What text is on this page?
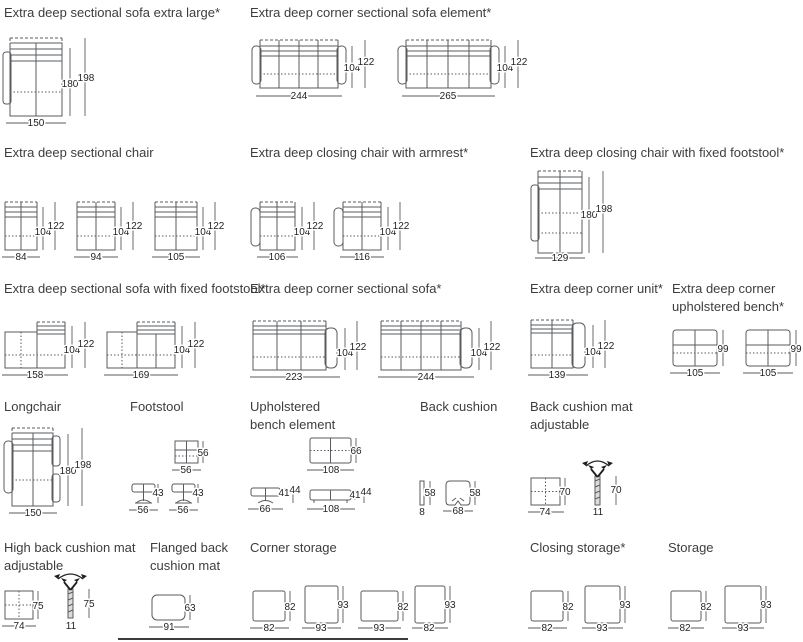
Extra deep sectional sofa extra large* Extra deep corner sectional sofa element*
Extra deep sectional chair	Extra deep closing chair with armrest*	Extra deep closing chair with fixed footstool*
Extra deep sectional sofa with fixed footstool*
Extra deep corner sectional sofa*	Extra deep corner unit* Extra deep corner
upholstered bench*
Longchair	Footstool	Upholstered
bench element
Back cushion	Back cushion mat
adjustable
High back cushion mat
adjustable
Flanged back
cushion mat
Corner storage	Closing storage*	Storage
180
198
150
104
122
244
104
122
265
104
122
84
104
122
94
104
122
105
104
122
106
104
122
116
180
198
129
104
122
158
104
122
169
104
122
223
104
122
244
104
122
139
99
105
99
105
180
198
150
56
56
43
56
43
56
66
108
41 44
66
41 44
108
58
8
58
68
70
74
70
11
75
74
75
11
63
91
82
82
93
93
82
93
93
82
82
82
93
93
82
82
93
93
